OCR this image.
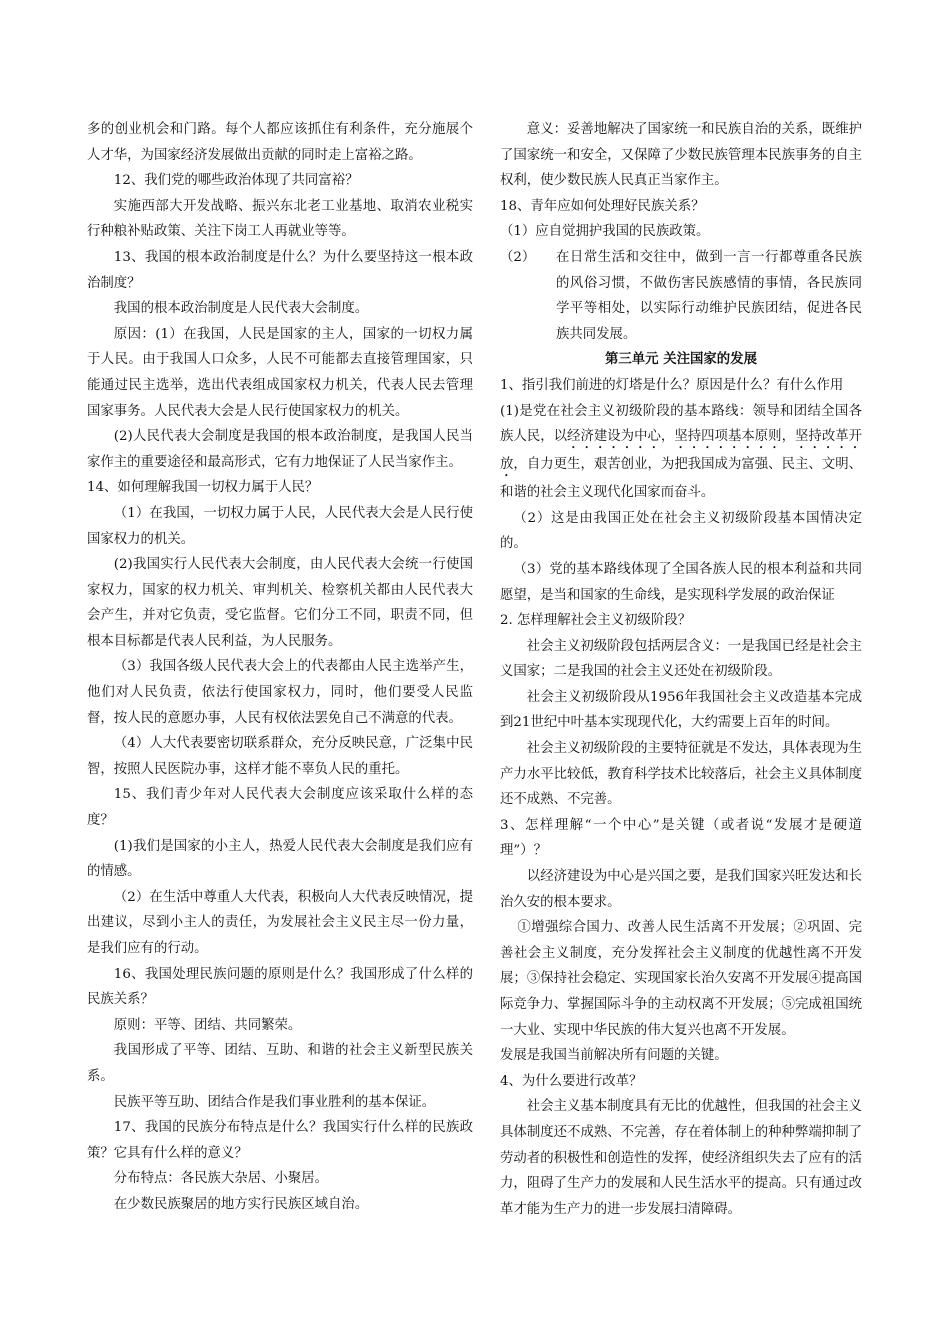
多的创业机会和门路。每个人都应该抓住有利条件，充分施展个人才华，为国家经济发展做出贡献的同时走上富裕之路。

12、我们党的哪些政治体现了共同富裕？

实施西部大开发战略、振兴东北老工业基地、取消农业税实行种粮补贴政策、关注下岗工人再就业等等。

13、我国的根本政治制度是什么？为什么要坚持这一根本政治制度？

我国的根本政治制度是人民代表大会制度。

原因：(1）在我国，人民是国家的主人，国家的一切权力属于人民。由于我国人口众多，人民不可能都去直接管理国家，只能通过民主选举，选出代表组成国家权力机关，代表人民去管理国家事务。人民代表大会是人民行使国家权力的机关。

(2)人民代表大会制度是我国的根本政治制度，是我国人民当家作主的重要途径和最高形式，它有力地保证了人民当家作主。

14、如何理解我国一切权力属于人民？

（1）在我国，一切权力属于人民，人民代表大会是人民行使国家权力的机关。

(2)我国实行人民代表大会制度，由人民代表大会统一行使国家权力，国家的权力机关、审判机关、检察机关都由人民代表大会产生，并对它负责，受它监督。它们分工不同，职责不同，但根本目标都是代表人民利益，为人民服务。

（3）我国各级人民代表大会上的代表都由人民主选举产生，他们对人民负责，依法行使国家权力，同时，他们要受人民监督，按人民的意愿办事，人民有权依法罢免自己不满意的代表。

（4）人大代表要密切联系群众，充分反映民意，广泛集中民智，按照人民医院办事，这样才能不辜负人民的重托。

15、我们青少年对人民代表大会制度应该采取什么样的态度？

(1)我们是国家的小主人，热爱人民代表大会制度是我们应有的情感。

（2）在生活中尊重人大代表，积极向人大代表反映情况，提出建议，尽到小主人的责任，为发展社会主义民主尽一份力量，是我们应有的行动。

16、我国处理民族问题的原则是什么？我国形成了什么样的民族关系？

原则：平等、团结、共同繁荣。

我国形成了平等、团结、互助、和谐的社会主义新型民族关系。

民族平等互助、团结合作是我们事业胜利的基本保证。

17、我国的民族分布特点是什么？我国实行什么样的民族政策？它具有什么样的意义？

分布特点：各民族大杂居、小聚居。

在少数民族聚居的地方实行民族区域自治。

意义：妥善地解决了国家统一和民族自治的关系，既维护了国家统一和安全，又保障了少数民族管理本民族事务的自主权利，使少数民族人民真正当家作主。

18、青年应如何处理好民族关系？

（1）应自觉拥护我国的民族政策。

（2）	在日常生活和交往中，做到一言一行都尊重各民族的风俗习惯，不做伤害民族感情的事情，各民族同学平等相处，以实际行动维护民族团结，促进各民族共同发展。

第三单元 关注国家的发展

1、指引我们前进的灯塔是什么？原因是什么？有什么作用

(1)是党在社会主义初级阶段的基本路线：领导和团结全国各族人民，以经济建设为中心，坚持四项基本原则，坚持改革开放，自力更生，艰苦创业，为把我国成为富强、民主、文明、和谐的社会主义现代化国家而奋斗。

（2）这是由我国正处在社会主义初级阶段基本国情决定的。

（3）党的基本路线体现了全国各族人民的根本利益和共同愿望，是当和国家的生命线，是实现科学发展的政治保证

2. 怎样理解社会主义初级阶段？

社会主义初级阶段包括两层含义：一是我国已经是社会主义国家；二是我国的社会主义还处在初级阶段。

社会主义初级阶段从1956年我国社会主义改造基本完成到21世纪中叶基本实现现代化，大约需要上百年的时间。

社会主义初级阶段的主要特征就是不发达，具体表现为生产力水平比较低，教育科学技术比较落后，社会主义具体制度还不成熟、不完善。

3、怎样理解“一个中心”是关键（或者说“发展才是硬道理”）？

以经济建设为中心是兴国之要，是我们国家兴旺发达和长治久安的根本要求。

①增强综合国力、改善人民生活离不开发展；②巩固、完善社会主义制度，充分发挥社会主义制度的优越性离不开发展；③保持社会稳定、实现国家长治久安离不开发展④提高国际竞争力、掌握国际斗争的主动权离不开发展；⑤完成祖国统一大业、实现中华民族的伟大复兴也离不开发展。

发展是我国当前解决所有问题的关键。

4、为什么要进行改革？

社会主义基本制度具有无比的优越性，但我国的社会主义具体制度还不成熟、不完善，存在着体制上的种种弊端抑制了劳动者的积极性和创造性的发挥，使经济组织失去了应有的活力，阻碍了生产力的发展和人民生活水平的提高。只有通过改革才能为生产力的进一步发展扫清障碍。
